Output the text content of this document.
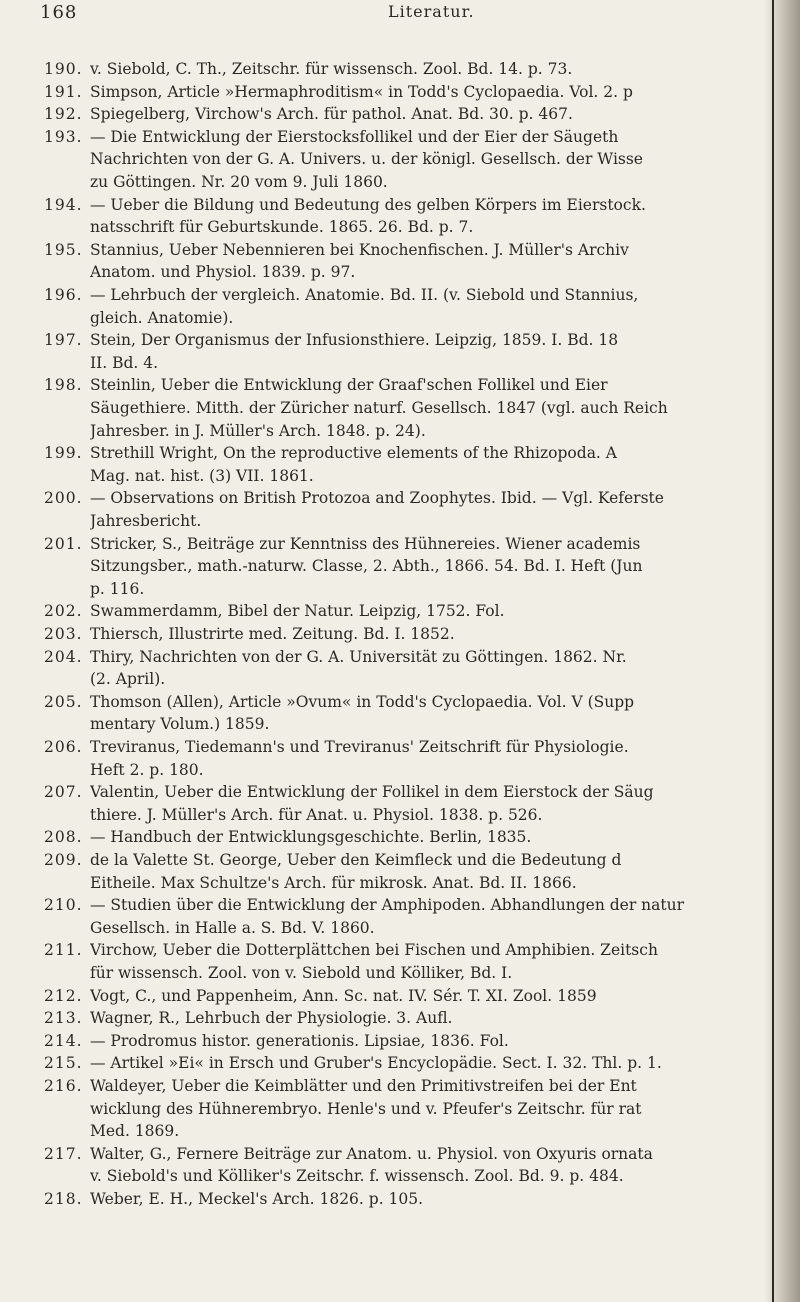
168	Literatur.
190. v. Siebold, C. Th., Zeitschr. für wissensch. Zool. Bd. 14. p. 73.
191. Simpson, Article »Hermaphroditism« in Todd's Cyclopaedia. Vol. 2. p
192. Spiegelberg, Virchow's Arch. für pathol. Anat. Bd. 30. p. 467.
193. — Die Entwicklung der Eierstocksfollikel und der Eier der Säugeth
Nachrichten von der G. A. Univers. u. der königl. Gesellsch. der Wisse
zu Göttingen. Nr. 20 vom 9. Juli 1860.
194. — Ueber die Bildung und Bedeutung des gelben Körpers im Eierstock.
natsschrift für Geburtskunde. 1865. 26. Bd. p. 7.
195. Stannius, Ueber Nebennieren bei Knochenfischen. J. Müller's Archiv
Anatom. und Physiol. 1839. p. 97.
196. — Lehrbuch der vergleich. Anatomie. Bd. II. (v. Siebold und Stannius,
gleich. Anatomie).
197. Stein, Der Organismus der Infusionsthiere. Leipzig, 1859. I. Bd. 18
II. Bd. 4.
198. Steinlin, Ueber die Entwicklung der Graaf'schen Follikel und Eier
Säugethiere. Mitth. der Züricher naturf. Gesellsch. 1847 (vgl. auch Reich
Jahresber. in J. Müller's Arch. 1848. p. 24).
199. Strethill Wright, On the reproductive elements of the Rhizopoda. A
Mag. nat. hist. (3) VII. 1861.
200. — Observations on British Protozoa and Zoophytes. Ibid. — Vgl. Keferste
Jahresbericht.
201. Stricker, S., Beiträge zur Kenntniss des Hühnereies. Wiener academis
Sitzungsber., math.-naturw. Classe, 2. Abth., 1866. 54. Bd. I. Heft (Jun
p. 116.
202. Swammerdamm, Bibel der Natur. Leipzig, 1752. Fol.
203. Thiersch, Illustrirte med. Zeitung. Bd. I. 1852.
204. Thiry, Nachrichten von der G. A. Universität zu Göttingen. 1862. Nr.
(2. April).
205. Thomson (Allen), Article »Ovum« in Todd's Cyclopaedia. Vol. V (Supp
mentary Volum.) 1859.
206. Treviranus, Tiedemann's und Treviranus' Zeitschrift für Physiologie.
Heft 2. p. 180.
207. Valentin, Ueber die Entwicklung der Follikel in dem Eierstock der Säug
thiere. J. Müller's Arch. für Anat. u. Physiol. 1838. p. 526.
208. — Handbuch der Entwicklungsgeschichte. Berlin, 1835.
209. de la Valette St. George, Ueber den Keimfleck und die Bedeutung d
Eitheile. Max Schultze's Arch. für mikrosk. Anat. Bd. II. 1866.
210. — Studien über die Entwicklung der Amphipoden. Abhandlungen der natur
Gesellsch. in Halle a. S. Bd. V. 1860.
211. Virchow, Ueber die Dotterplättchen bei Fischen und Amphibien. Zeitsch
für wissensch. Zool. von v. Siebold und Kölliker, Bd. I.
212. Vogt, C., und Pappenheim, Ann. Sc. nat. IV. Sér. T. XI. Zool. 1859
213. Wagner, R., Lehrbuch der Physiologie. 3. Aufl.
214. — Prodromus histor. generationis. Lipsiae, 1836. Fol.
215. — Artikel »Ei« in Ersch und Gruber's Encyclopädie. Sect. I. 32. Thl. p. 1.
216. Waldeyer, Ueber die Keimblätter und den Primitivstreifen bei der Ent
wicklung des Hühnerembryo. Henle's und v. Pfeufer's Zeitschr. für rat
Med. 1869.
217. Walter, G., Fernere Beiträge zur Anatom. u. Physiol. von Oxyuris ornata
v. Siebold's und Kölliker's Zeitschr. f. wissensch. Zool. Bd. 9. p. 484.
218. Weber, E. H., Meckel's Arch. 1826. p. 105.
